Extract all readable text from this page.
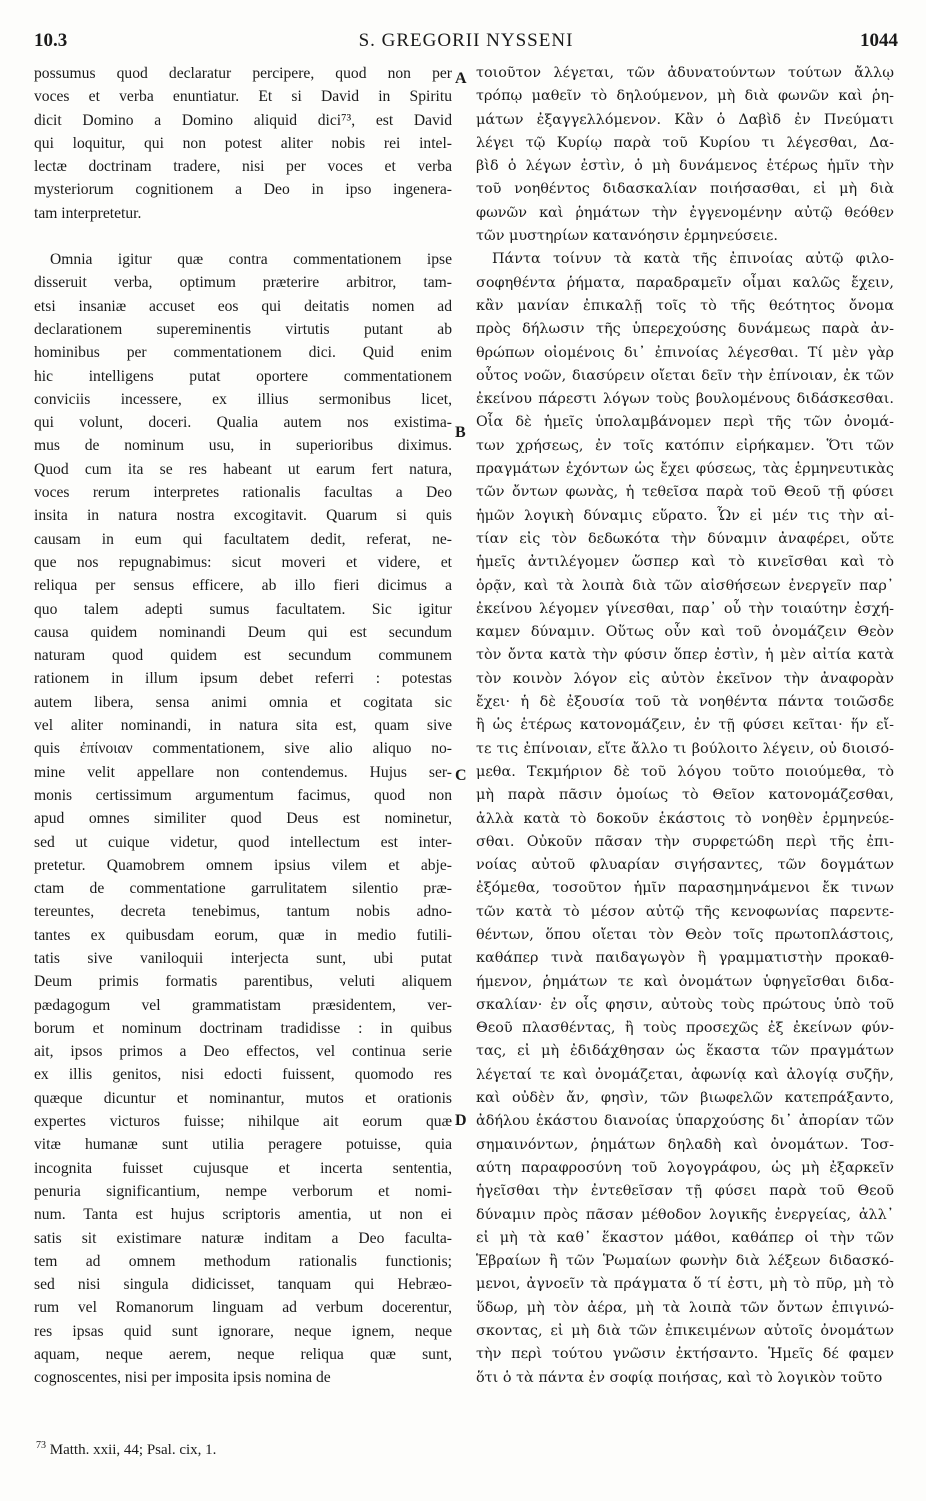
10.3	S. GREGORII NYSSENI	1044
possumus quod declaratur percipere, quod non per
voces et verba enuntiatur. Et si David in Spiritu
dicit Domino a Domino aliquid dici⁷³, est David
qui loquitur, qui non potest aliter nobis rei intel-
lectæ doctrinam tradere, nisi per voces et verba
mysteriorum cognitionem a Deo in ipso ingenera-
tam interpretetur.
Omnia igitur quæ contra commentationem ipse
disseruit verba, optimum præterire arbitror, tam-
etsi insaniæ accuset eos qui deitatis nomen ad
declarationem supereminentis virtutis putant ab
hominibus per commentationem dici. Quid enim
hic intelligens putat oportere commentationem
conviciis incessere, ex illius sermonibus licet,
qui volunt, doceri. Qualia autem nos existima-
mus de nominum usu, in superioribus diximus.
Quod cum ita se res habeant ut earum fert natura,
voces rerum interpretes rationalis facultas a Deo
insita in natura nostra excogitavit. Quarum si quis
causam in eum qui facultatem dedit, referat, ne-
que nos repugnabimus: sicut moveri et videre, et
reliqua per sensus efficere, ab illo fieri dicimus a
quo talem adepti sumus facultatem. Sic igitur
causa quidem nominandi Deum qui est secundum
naturam quod quidem est secundum communem
rationem in illum ipsum debet referri : potestas
autem libera, sensa animi omnia et cogitata sic
vel aliter nominandi, in natura sita est, quam sive
quis ἐπίνοιαν commentationem, sive alio aliquo no-
mine velit appellare non contendemus. Hujus ser-
monis certissimum argumentum facimus, quod non
apud omnes similiter quod Deus est nominetur,
sed ut cuique videtur, quod intellectum est inter-
pretetur. Quamobrem omnem ipsius vilem et abje-
ctam de commentatione garrulitatem silentio præ-
tereuntes, decreta tenebimus, tantum nobis adno-
tantes ex quibusdam eorum, quæ in medio futili-
tatis sive vaniloquii interjecta sunt, ubi putat
Deum primis formatis parentibus, veluti aliquem
pædagogum vel grammatistam præsidentem, ver-
borum et nominum doctrinam tradidisse : in quibus
ait, ipsos primos a Deo effectos, vel continua serie
ex illis genitos, nisi edocti fuissent, quomodo res
quæque dicuntur et nominantur, mutos et orationis
expertes victuros fuisse; nihilque ait eorum quæ
vitæ humanæ sunt utilia peragere potuisse, quia
incognita fuisset cujusque et incerta sententia,
penuria significantium, nempe verborum et nomi-
num. Tanta est hujus scriptoris amentia, ut non ei
satis sit existimare naturæ inditam a Deo faculta-
tem ad omnem methodum rationalis functionis;
sed nisi singula didicisset, tanquam qui Hebræo-
rum vel Romanorum linguam ad verbum docerentur,
res ipsas quid sunt ignorare, neque ignem, neque
aquam, neque aerem, neque reliqua quæ sunt,
cognoscentes, nisi per imposita ipsis nomina de
τοιοῦτον λέγεται, τῶν ἀδυνατούντων τούτων ἄλλῳ
τρόπῳ μαθεῖν τὸ δηλούμενον, μὴ διὰ φωνῶν καὶ ῥη-
μάτων ἐξαγγελλόμενον. Κἂν ὁ Δαβὶδ ἐν Πνεύματι
λέγει τῷ Κυρίῳ παρὰ τοῦ Κυρίου τι λέγεσθαι, Δα-
βὶδ ὁ λέγων ἐστὶν, ὁ μὴ δυνάμενος ἑτέρως ἡμῖν τὴν
τοῦ νοηθέντος διδασκαλίαν ποιήσασθαι, εἰ μὴ διὰ
φωνῶν καὶ ῥημάτων τὴν ἐγγενομένην αὐτῷ θεόθεν
τῶν μυστηρίων κατανόησιν ἑρμηνεύσειε.
Πάντα τοίνυν τὰ κατὰ τῆς ἐπινοίας αὐτῷ φιλο-
σοφηθέντα ῥήματα, παραδραμεῖν οἶμαι καλῶς ἔχειν,
κἂν μανίαν ἐπικαλῇ τοῖς τὸ τῆς θεότητος ὄνομα
πρὸς δήλωσιν τῆς ὑπερεχούσης δυνάμεως παρὰ ἀν-
θρώπων οἰομένοις δι᾽ ἐπινοίας λέγεσθαι. Τί μὲν γὰρ
οὗτος νοῶν, διασύρειν οἴεται δεῖν τὴν ἐπίνοιαν, ἐκ τῶν
ἐκείνου πάρεστι λόγων τοὺς βουλομένους διδάσκεσθαι.
Οἷα δὲ ἡμεῖς ὑπολαμβάνομεν περὶ τῆς τῶν ὀνομά-
των χρήσεως, ἐν τοῖς κατόπιν εἰρήκαμεν. Ὅτι τῶν
πραγμάτων ἐχόντων ὡς ἔχει φύσεως, τὰς ἑρμηνευτικὰς
τῶν ὄντων φωνὰς, ἡ τεθεῖσα παρὰ τοῦ Θεοῦ τῇ φύσει
ἡμῶν λογικὴ δύναμις εὕρατο. Ὧν εἰ μέν τις τὴν αἰ-
τίαν εἰς τὸν δεδωκότα τὴν δύναμιν ἀναφέρει, οὔτε
ἡμεῖς ἀντιλέγομεν ὥσπερ καὶ τὸ κινεῖσθαι καὶ τὸ
ὁρᾷν, καὶ τὰ λοιπὰ διὰ τῶν αἰσθήσεων ἐνεργεῖν παρ᾽
ἐκείνου λέγομεν γίνεσθαι, παρ᾽ οὗ τὴν τοιαύτην ἐσχή-
καμεν δύναμιν. Οὕτως οὖν καὶ τοῦ ὀνομάζειν Θεὸν
τὸν ὄντα κατὰ τὴν φύσιν ὅπερ ἐστὶν, ἡ μὲν αἰτία κατὰ
τὸν κοινὸν λόγον εἰς αὐτὸν ἐκεῖνον τὴν ἀναφορὰν
ἔχει· ἡ δὲ ἐξουσία τοῦ τὰ νοηθέντα πάντα τοιῶσδε
ἢ ὡς ἑτέρως κατονομάζειν, ἐν τῇ φύσει κεῖται· ἥν εἴ-
τε τις ἐπίνοιαν, εἴτε ἄλλο τι βούλοιτο λέγειν, οὐ διοισό-
μεθα. Τεκμήριον δὲ τοῦ λόγου τοῦτο ποιούμεθα, τὸ
μὴ παρὰ πᾶσιν ὁμοίως τὸ Θεῖον κατονομάζεσθαι,
ἀλλὰ κατὰ τὸ δοκοῦν ἑκάστοις τὸ νοηθὲν ἑρμηνεύε-
σθαι. Οὐκοῦν πᾶσαν τὴν συρφετώδη περὶ τῆς ἐπι-
νοίας αὐτοῦ φλυαρίαν σιγήσαντες, τῶν δογμάτων
ἐξόμεθα, τοσοῦτον ἡμῖν παρασημηνάμενοι ἔκ τινων
τῶν κατὰ τὸ μέσον αὐτῷ τῆς κενοφωνίας παρεντε-
θέντων, ὅπου οἴεται τὸν Θεὸν τοῖς πρωτοπλάστοις,
καθάπερ τινὰ παιδαγωγὸν ἢ γραμματιστὴν προκαθ-
ήμενον, ῥημάτων τε καὶ ὀνομάτων ὑφηγεῖσθαι διδα-
σκαλίαν· ἐν οἷς φησιν, αὐτοὺς τοὺς πρώτους ὑπὸ τοῦ
Θεοῦ πλασθέντας, ἢ τοὺς προσεχῶς ἐξ ἐκείνων φύν-
τας, εἰ μὴ ἐδιδάχθησαν ὡς ἕκαστα τῶν πραγμάτων
λέγεταί τε καὶ ὀνομάζεται, ἀφωνίᾳ καὶ ἀλογίᾳ συζῆν,
καὶ οὐδὲν ἄν, φησὶν, τῶν βιωφελῶν κατεπράξαντο,
ἀδήλου ἑκάστου διανοίας ὑπαρχούσης δι᾽ ἀπορίαν τῶν
σημαινόντων, ῥημάτων δηλαδὴ καὶ ὀνομάτων. Τοσ-
αύτη παραφροσύνη τοῦ λογογράφου, ὡς μὴ ἐξαρκεῖν
ἡγεῖσθαι τὴν ἐντεθεῖσαν τῇ φύσει παρὰ τοῦ Θεοῦ
δύναμιν πρὸς πᾶσαν μέθοδον λογικῆς ἐνεργείας, ἀλλ᾽
εἰ μὴ τὰ καθ᾽ ἕκαστον μάθοι, καθάπερ οἱ τὴν τῶν
Ἑβραίων ἢ τῶν Ῥωμαίων φωνὴν διὰ λέξεων διδασκό-
μενοι, ἀγνοεῖν τὰ πράγματα ὅ τί ἐστι, μὴ τὸ πῦρ, μὴ τὸ
ὕδωρ, μὴ τὸν ἀέρα, μὴ τὰ λοιπὰ τῶν ὄντων ἐπιγινώ-
σκοντας, εἰ μὴ διὰ τῶν ἐπικειμένων αὐτοῖς ὀνομάτων
τὴν περὶ τούτου γνῶσιν ἐκτήσαντο. Ἡμεῖς δέ φαμεν
ὅτι ὁ τὰ πάντα ἐν σοφίᾳ ποιήσας, καὶ τὸ λογικὸν τοῦτο
A
B
C
D
$^{73}$ Matth. xxii, 44; Psal. cix, 1.
